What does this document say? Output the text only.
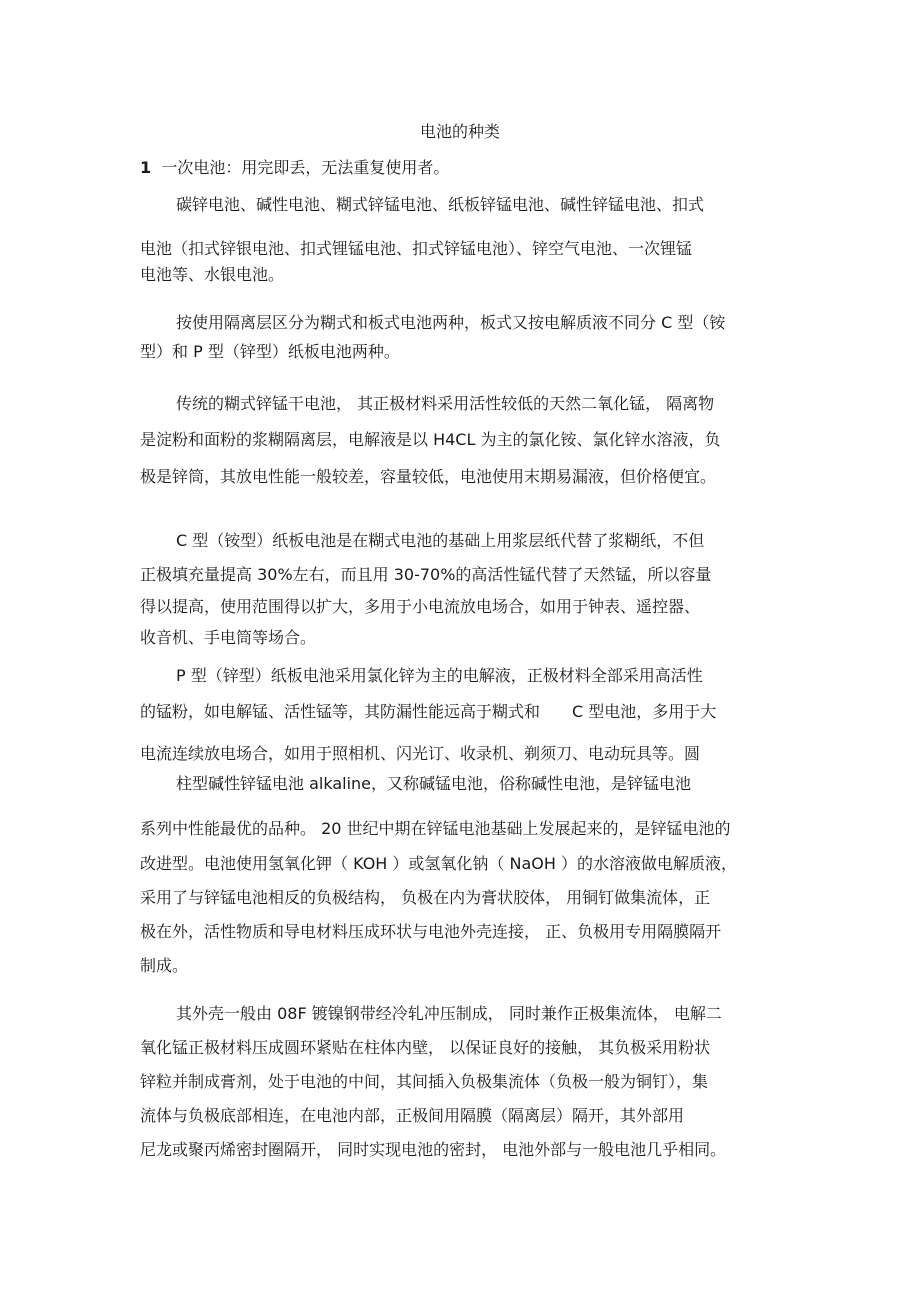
电池的种类

1 一次电池：用完即丢，无法重复使用者。

碳锌电池、碱性电池、糊式锌锰电池、纸板锌锰电池、碱性锌锰电池、扣式

电池（扣式锌银电池、扣式锂锰电池、扣式锌锰电池）、锌空气电池、一次锂锰

电池等、水银电池。

按使用隔离层区分为糊式和板式电池两种，板式又按电解质液不同分 C 型（铵

型）和 P 型（锌型）纸板电池两种。

传统的糊式锌锰干电池， 其正极材料采用活性较低的天然二氧化锰， 隔离物

是淀粉和面粉的浆糊隔离层，电解液是以 H4CL 为主的氯化铵、氯化锌水溶液，负

极是锌筒，其放电性能一般较差，容量较低，电池使用末期易漏液，但价格便宜。

C 型（铵型）纸板电池是在糊式电池的基础上用浆层纸代替了浆糊纸，不但

正极填充量提高 30%左右，而且用 30-70%的高活性锰代替了天然锰，所以容量

得以提高，使用范围得以扩大，多用于小电流放电场合，如用于钟表、遥控器、

收音机、手电筒等场合。

P 型（锌型）纸板电池采用氯化锌为主的电解液，正极材料全部采用高活性

的锰粉，如电解锰、活性锰等，其防漏性能远高于糊式和　　C 型电池，多用于大

电流连续放电场合，如用于照相机、闪光订、收录机、剃须刀、电动玩具等。圆

柱型碱性锌锰电池 alkaline，又称碱锰电池，俗称碱性电池，是锌锰电池

系列中性能最优的品种。 20 世纪中期在锌锰电池基础上发展起来的，是锌锰电池的

改进型。电池使用氢氧化钾（ KOH ）或氢氧化钠（ NaOH ）的水溶液做电解质液，

采用了与锌锰电池相反的负极结构， 负极在内为膏状胶体， 用铜钉做集流体，正

极在外，活性物质和导电材料压成环状与电池外壳连接， 正、负极用专用隔膜隔开

制成。

其外壳一般由 08F 镀镍钢带经冷轧冲压制成， 同时兼作正极集流体， 电解二

氧化锰正极材料压成圆环紧贴在柱体内壁， 以保证良好的接触， 其负极采用粉状

锌粒并制成膏剂，处于电池的中间，其间插入负极集流体（负极一般为铜钉），集

流体与负极底部相连，在电池内部，正极间用隔膜（隔离层）隔开，其外部用

尼龙或聚丙烯密封圈隔开， 同时实现电池的密封， 电池外部与一般电池几乎相同。
